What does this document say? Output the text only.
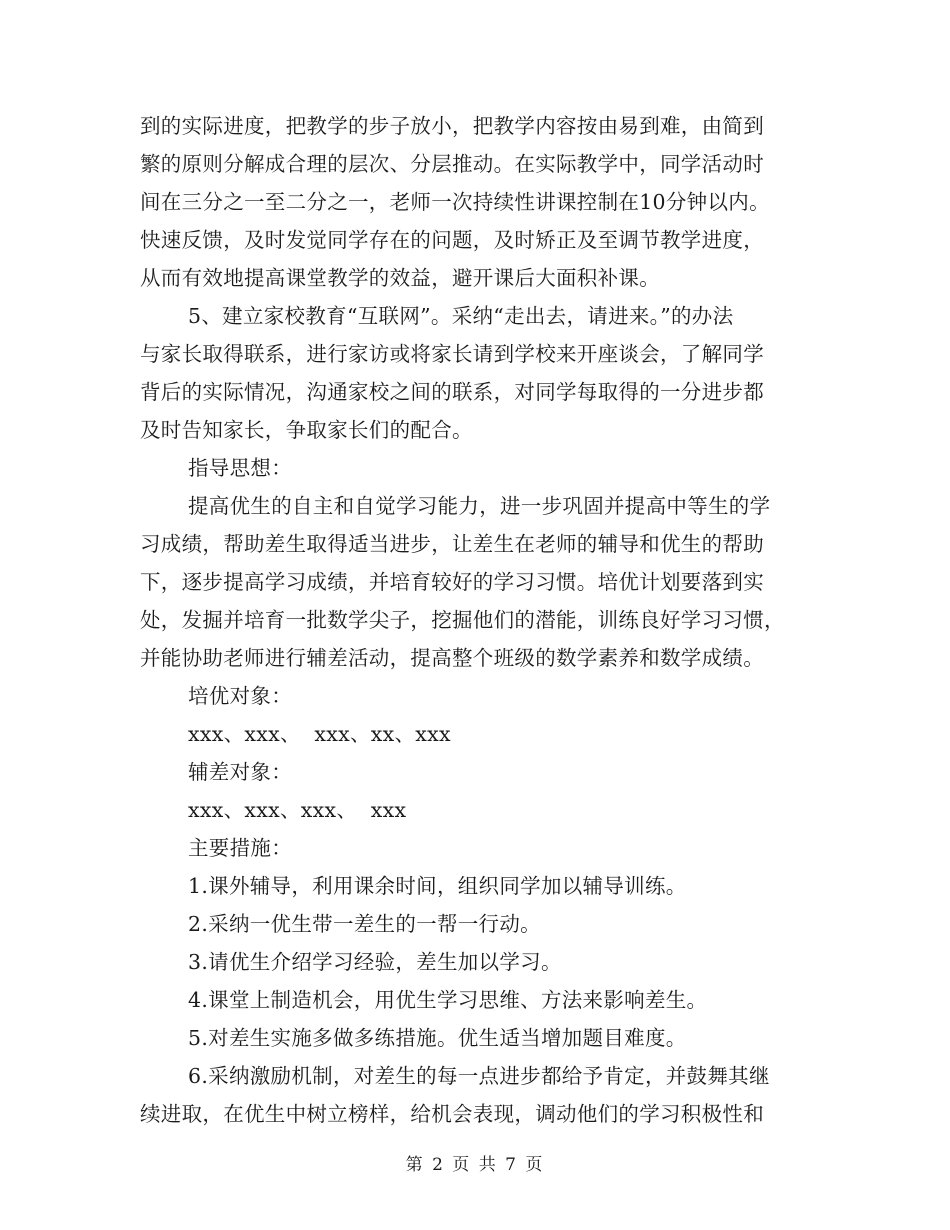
到的实际进度，把教学的步子放小，把教学内容按由易到难，由简到
繁的原则分解成合理的层次、分层推动。在实际教学中，同学活动时
间在三分之一至二分之一，老师一次持续性讲课控制在10分钟以内。
快速反馈，及时发觉同学存在的问题，及时矫正及至调节教学进度，
从而有效地提高课堂教学的效益，避开课后大面积补课。
5、建立家校教育“互联网”。采纳“走出去，请进来。”的办法
与家长取得联系，进行家访或将家长请到学校来开座谈会，了解同学
背后的实际情况，沟通家校之间的联系，对同学每取得的一分进步都
及时告知家长，争取家长们的配合。
指导思想：
提高优生的自主和自觉学习能力，进一步巩固并提高中等生的学
习成绩，帮助差生取得适当进步，让差生在老师的辅导和优生的帮助
下，逐步提高学习成绩，并培育较好的学习习惯。培优计划要落到实
处，发掘并培育一批数学尖子，挖掘他们的潜能，训练良好学习习惯，
并能协助老师进行辅差活动，提高整个班级的数学素养和数学成绩。
培优对象：
xxx、xxx、  xxx、xx、xxx
辅差对象：
xxx、xxx、xxx、  xxx
主要措施：
1.课外辅导，利用课余时间，组织同学加以辅导训练。
2.采纳一优生带一差生的一帮一行动。
3.请优生介绍学习经验，差生加以学习。
4.课堂上制造机会，用优生学习思维、方法来影响差生。
5.对差生实施多做多练措施。优生适当增加题目难度。
6.采纳激励机制，对差生的每一点进步都给予肯定，并鼓舞其继
续进取，在优生中树立榜样，给机会表现，调动他们的学习积极性和
第 2 页 共 7 页
